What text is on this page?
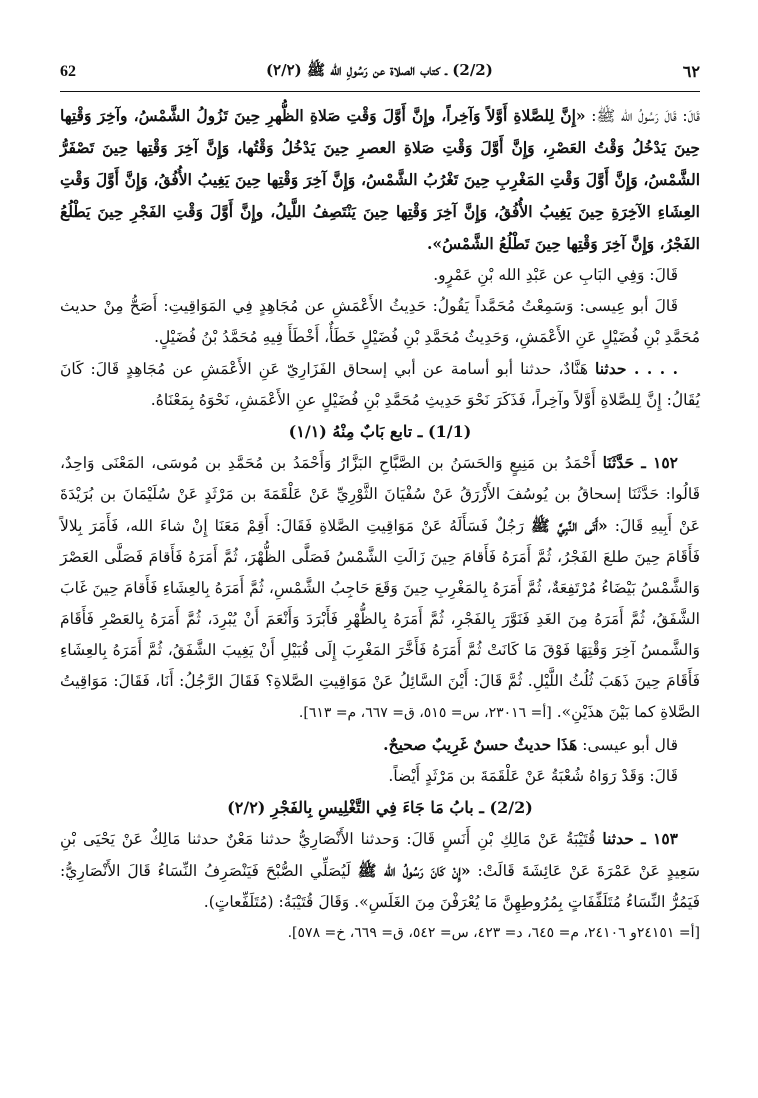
62	(2/2) ـ كتاب الصلاة عن رَسُولِ الله ﷺ (٢/٢)	٦٢

قَالَ: قَالَ رَسُولُ الله ﷺ: «إِنَّ لِلصَّلاةِ أَوَّلاً وَآخِراً، وإِنَّ أَوَّلَ وَقْتِ صَلاةِ الظُّهرِ حِينَ تَزُولُ الشَّمْسُ، وآخِرَ وَقْتِها حِينَ يَدْخُلُ وَقْتُ العَصْرِ، وَإِنَّ أَوَّلَ وَقْتِ صَلاةِ العصرِ حِينَ يَدْخُلُ وَقْتُها، وَإِنَّ آخِرَ وَقْتِها حِينَ تَصْفَرُّ الشَّمْسُ، وَإِنَّ أَوَّلَ وَقْتِ المَغْرِبِ حِينَ تَغْرُبُ الشَّمْسُ، وَإِنَّ آخِرَ وَقْتِها حِينَ يَغِيبُ الأُفُقُ، وَإِنَّ أَوَّلَ وَقْتِ العِشَاءِ الآخِرَةِ حِينَ يَغِيبُ الأُفُقُ، وَإِنَّ آخِرَ وَقْتِها حِينَ يَنْتَصِفُ اللَّيلُ، وإِنَّ أَوَّلَ وَقْتِ الفَجْرِ حِينَ يَطْلُعُ الفَجْرُ، وَإِنَّ آخِرَ وَقْتِها حِينَ تَطْلُعُ الشَّمْسُ».

قَالَ: وَفِي البَابِ عن عَبْدِ الله بْنِ عَمْرٍو.

قَالَ أبو عِيسى: وَسَمِعْتُ مُحَمَّداً يَقُولُ: حَدِيثُ الأَعْمَشِ عن مُجَاهِدٍ فِي المَوَاقِيتِ: أَصَحُّ مِنْ حديث مُحَمَّدِ بْنِ فُضَيْلٍ عَنِ الأَعْمَشِ، وَحَدِيثُ مُحَمَّدِ بْنِ فُضَيْلٍ خَطَأٌ، أَخْطَأَ فِيهِ مُحَمَّدُ بْنُ فُضَيْلٍ.

. . . . حدثنا هَنَّادٌ، حدثنا أبو أسامة عن أبي إسحاق الفَزَارِيّ عَنِ الأَعْمَشِ عن مُجَاهِدٍ قَالَ: كَانَ يُقَالُ: إِنَّ لِلصَّلاةِ أَوَّلاً وآخِراً، فَذَكَرَ نَحْوَ حَدِيثِ مُحَمَّدِ بْنِ فُضَيْلٍ عنِ الأَعْمَشِ، نَحْوَهُ بِمَعْنَاهُ.

(1/1) ـ تابع بَابٌ مِنْهُ (١/١)

١٥٢ ـ حَدَّثَنَا أَحْمَدُ بن مَنِيعٍ وَالحَسَنُ بن الصَّبَّاحِ البَزَّارُ وَأَحْمَدُ بن مُحَمَّدِ بن مُوسَى، المَعْنَى وَاحِدٌ، قَالُوا: حَدَّثَنَا إسحاقُ بن يُوسُفَ الأَزْرَقُ عَنْ سُفْيَانَ الثَّوْرِيِّ عَنْ عَلْقَمَةَ بن مَرْثَدٍ عَنْ سُلَيْمَانَ بن بُرَيْدَةَ عَنْ أَبِيهِ قَالَ: «أَتَى النَّبِيَّ ﷺ رَجُلٌ فَسَأَلَهُ عَنْ مَوَاقِيتِ الصَّلاةِ فَقَالَ: أَقِمْ مَعَنَا إِنْ شاءَ الله، فَأَمَرَ بِلالاً فَأَقَامَ حِينَ طلعَ الفَجْرُ، ثُمَّ أَمَرَهُ فَأَقامَ حِينَ زَالَتِ الشَّمْسُ فَصَلَّى الظُّهْرَ، ثُمَّ أَمَرَهُ فَأَقامَ فَصَلَّى العَصْرَ وَالشَّمْسُ بَيْضَاءُ مُرْتَفِعَةٌ، ثُمَّ أَمَرَهُ بِالمَغْرِبِ حِينَ وَقَعَ حَاجِبُ الشَّمْسِ، ثُمَّ أَمَرَهُ بِالعِشَاءِ فَأَقامَ حِينَ غَابَ الشَّفَقُ، ثُمَّ أَمَرَهُ مِنَ الغَدِ فَنَوَّرَ بِالفَجْرِ، ثُمَّ أَمَرَهُ بِالظُّهْرِ فَأَبْرَدَ وَأَنْعَمَ أَنْ يُبْرِدَ، ثُمَّ أَمَرَهُ بِالعَصْرِ فَأَقَامَ وَالشَّمسُ آخِرَ وَقْتِهَا فَوْقَ مَا كَانَتْ ثُمَّ أَمَرَهُ فَأَخَّرَ المَغْرِبَ إِلَى قُبَيْلِ أَنْ يَغِيبَ الشَّفَقُ، ثُمَّ أَمَرَهُ بِالعِشَاءِ فَأَقَامَ حِينَ ذَهَبَ ثُلُثُ اللَّيْلِ. ثُمَّ قَالَ: أَيْنَ السَّائِلُ عَنْ مَوَاقِيتِ الصَّلاةِ؟ فَقَالَ الرَّجُلُ: أَنَا، فَقَالَ: مَوَاقِيتُ الصَّلاةِ كما بَيْنَ هذَيْنِ». [أ= ٢٣٠١٦، س= ٥١٥، ق= ٦٦٧، م= ٦١٣].

قال أبو عيسى: هَذَا حديثٌ حسنٌ غَرِيبٌ صحيحٌ.

قَالَ: وَقَدْ رَوَاهُ شُعْبَةُ عَنْ عَلْقَمَةَ بن مَرْثَدٍ أَيْضاً.

(2/2) ـ بابُ مَا جَاءَ فِي التَّغْلِيسِ بِالفَجْرِ (٢/٢)

١٥٣ ـ حدثنا قُتَيْبَةُ عَنْ مَالِكِ بْنِ أَنَسٍ قَالَ: وَحدثنا الأَنْصَارِيُّ حدثنا مَعْنٌ حدثنا مَالِكٌ عَنْ يَحْيَى بْنِ سَعِيدٍ عَنْ عَمْرَةَ عَنْ عَائِشَةَ قَالَتْ: «إِنْ كَانَ رَسُولُ الله ﷺ لَيُصَلِّي الصُّبْحَ فَيَنْصَرِفُ النِّسَاءُ قَالَ الأَنْصَارِيُّ: فَيَمُرُّ النِّسَاءُ مُتَلَفِّفَاتٍ بِمُرُوطِهِنَّ مَا يُعْرَفْنَ مِنَ الغَلَسِ». وَقَالَ قُتَيْبَةُ: (مُتَلَفِّعاتٍ).

[أ= ٢٤١٥١و ٢٤١٠٦، م= ٦٤٥، د= ٤٢٣، س= ٥٤٢، ق= ٦٦٩، خ= ٥٧٨].
